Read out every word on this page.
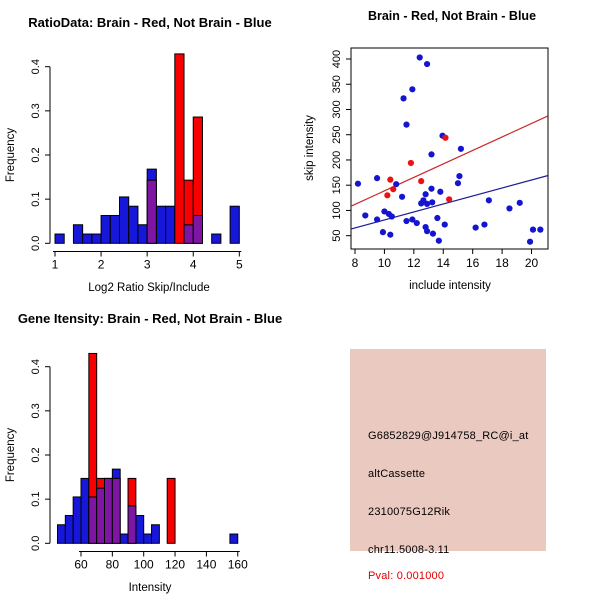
RatioData: Brain - Red, Not Brain - Blue
0.0
0.1
0.2
0.3
0.4
1	2	3	4	5
Log2 Ratio Skip/Include
Frequency
Brain - Red, Not Brain - Blue
8 10 12 14 16 18 20
50
100
150
200
250
300
350
400
include intensity
skip intensity
Gene Itensity: Brain - Red, Not Brain - Blue
0.0
0.1
0.2
0.3
0.4
60 80 100 120 140 160
Intensity
Frequency	G6852829@J914758_RC@i_at
altCassette
2310075G12Rik
chr11.5008-3.11
Pval: 0.001000
